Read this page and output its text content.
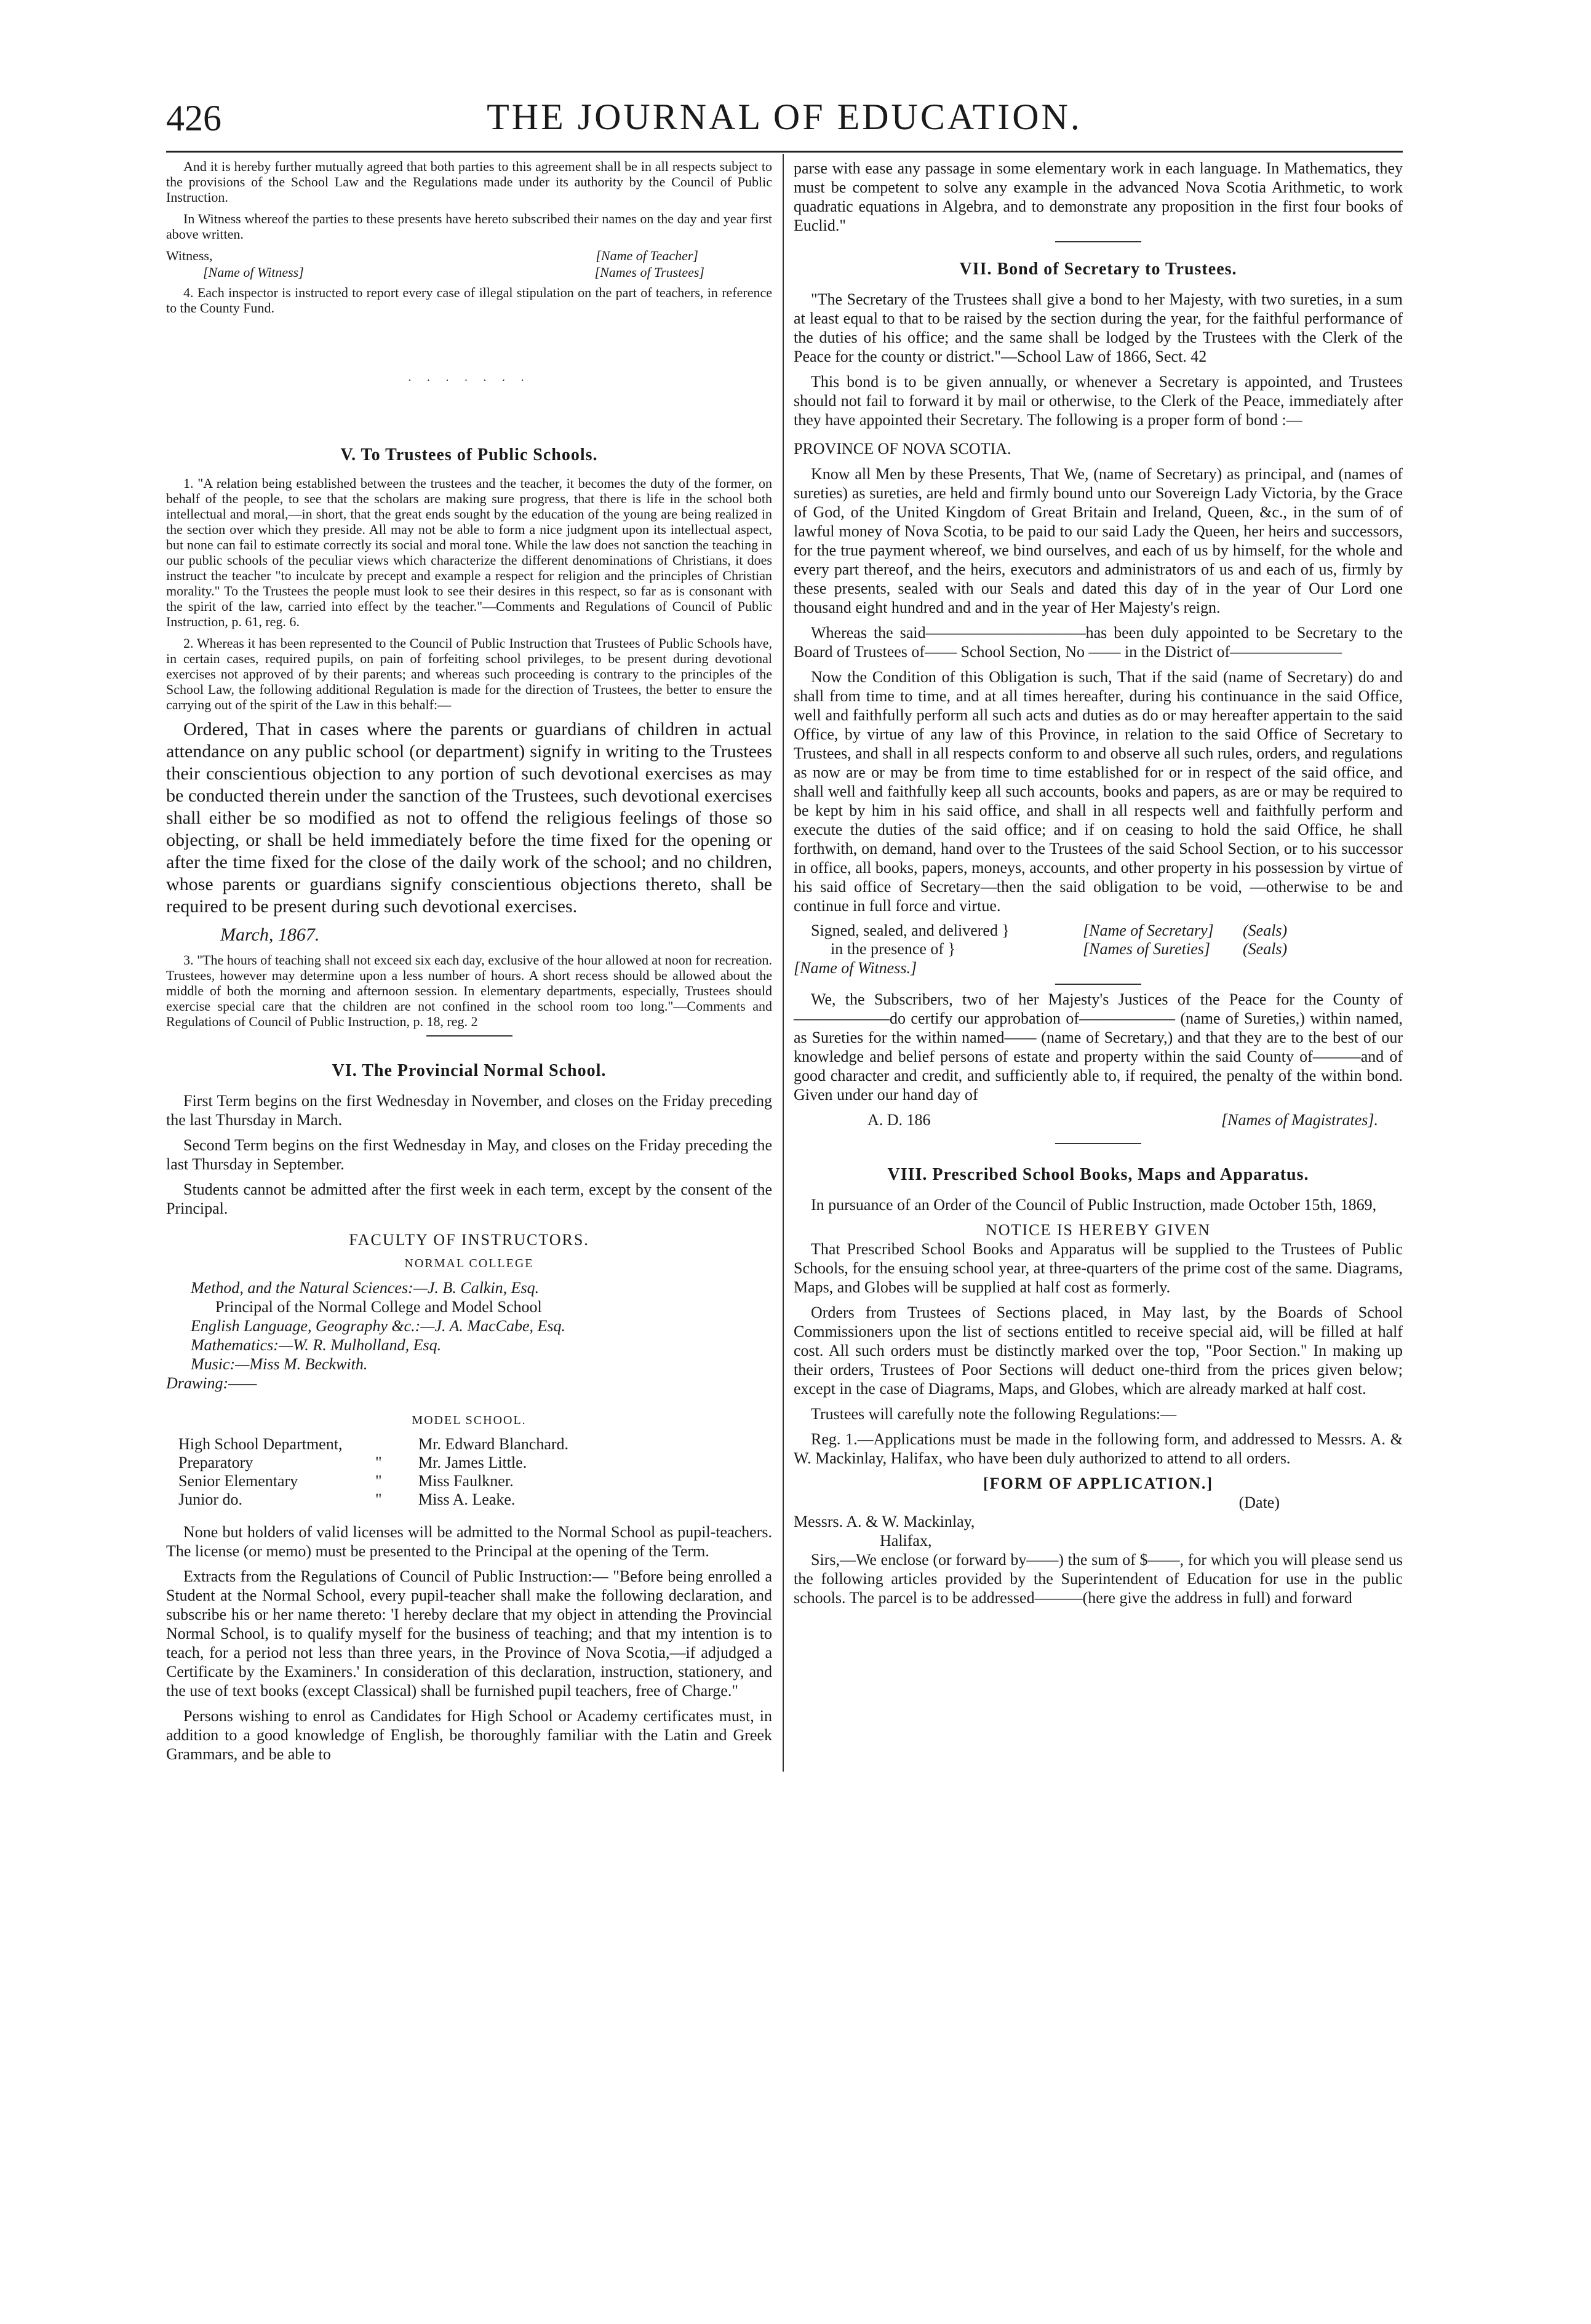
426	THE JOURNAL OF EDUCATION.

And it is hereby further mutually agreed that both parties to this agreement shall be in all respects subject to the provisions of the School Law and the Regulations made under its authority by the Council of Public Instruction.

In Witness whereof the parties to these presents have hereto subscribed their names on the day and year first above written.

Witness,	[Name of Teacher]
[Name of Witness]	[Names of Trustees]

4. Each inspector is instructed to report every case of illegal stipulation on the part of teachers, in reference to the County Fund.

· · · · · · ·
V. To Trustees of Public Schools.

1. "A relation being established between the trustees and the teacher, it becomes the duty of the former, on behalf of the people, to see that the scholars are making sure progress, that there is life in the school both intellectual and moral,—in short, that the great ends sought by the education of the young are being realized in the section over which they preside. All may not be able to form a nice judgment upon its intellectual aspect, but none can fail to estimate correctly its social and moral tone. While the law does not sanction the teaching in our public schools of the peculiar views which characterize the different denominations of Christians, it does instruct the teacher "to inculcate by precept and example a respect for religion and the principles of Christian morality." To the Trustees the people must look to see their desires in this respect, so far as is consonant with the spirit of the law, carried into effect by the teacher."—Comments and Regulations of Council of Public Instruction, p. 61, reg. 6.

2. Whereas it has been represented to the Council of Public Instruction that Trustees of Public Schools have, in certain cases, required pupils, on pain of forfeiting school privileges, to be present during devotional exercises not approved of by their parents; and whereas such proceeding is contrary to the principles of the School Law, the following additional Regulation is made for the direction of Trustees, the better to ensure the carrying out of the spirit of the Law in this behalf:—

Ordered, That in cases where the parents or guardians of children in actual attendance on any public school (or department) signify in writing to the Trustees their conscientious objection to any portion of such devotional exercises as may be conducted therein under the sanction of the Trustees, such devotional exercises shall either be so modified as not to offend the religious feelings of those so objecting, or shall be held immediately before the time fixed for the opening or after the time fixed for the close of the daily work of the school; and no children, whose parents or guardians signify conscientious objections thereto, shall be required to be present during such devotional exercises.

March, 1867.

3. "The hours of teaching shall not exceed six each day, exclusive of the hour allowed at noon for recreation. Trustees, however may determine upon a less number of hours. A short recess should be allowed about the middle of both the morning and afternoon session. In elementary departments, especially, Trustees should exercise special care that the children are not confined in the school room too long."—Comments and Regulations of Council of Public Instruction, p. 18, reg. 2

VI. The Provincial Normal School.

First Term begins on the first Wednesday in November, and closes on the Friday preceding the last Thursday in March.

Second Term begins on the first Wednesday in May, and closes on the Friday preceding the last Thursday in September.

Students cannot be admitted after the first week in each term, except by the consent of the Principal.

FACULTY OF INSTRUCTORS.
NORMAL COLLEGE
Method, and the Natural Sciences:—J. B. Calkin, Esq.
Principal of the Normal College and Model School
English Language, Geography &c.:—J. A. MacCabe, Esq.
Mathematics:—W. R. Mulholland, Esq.
Music:—Miss M. Beckwith.
Drawing:——
MODEL SCHOOL.
High School Department,	Mr. Edward Blanchard.
Preparatory	"	Mr. James Little.
Senior Elementary	"	Miss Faulkner.
Junior do.	"	Miss A. Leake.

None but holders of valid licenses will be admitted to the Normal School as pupil-teachers. The license (or memo) must be presented to the Principal at the opening of the Term.

Extracts from the Regulations of Council of Public Instruction:— "Before being enrolled a Student at the Normal School, every pupil-teacher shall make the following declaration, and subscribe his or her name thereto: 'I hereby declare that my object in attending the Provincial Normal School, is to qualify myself for the business of teaching; and that my intention is to teach, for a period not less than three years, in the Province of Nova Scotia,—if adjudged a Certificate by the Examiners.' In consideration of this declaration, instruction, stationery, and the use of text books (except Classical) shall be furnished pupil teachers, free of Charge."

Persons wishing to enrol as Candidates for High School or Academy certificates must, in addition to a good knowledge of English, be thoroughly familiar with the Latin and Greek Grammars, and be able to

parse with ease any passage in some elementary work in each language. In Mathematics, they must be competent to solve any example in the advanced Nova Scotia Arithmetic, to work quadratic equations in Algebra, and to demonstrate any proposition in the first four books of Euclid."

VII. Bond of Secretary to Trustees.

"The Secretary of the Trustees shall give a bond to her Majesty, with two sureties, in a sum at least equal to that to be raised by the section during the year, for the faithful performance of the duties of his office; and the same shall be lodged by the Trustees with the Clerk of the Peace for the county or district."—School Law of 1866, Sect. 42

This bond is to be given annually, or whenever a Secretary is appointed, and Trustees should not fail to forward it by mail or otherwise, to the Clerk of the Peace, immediately after they have appointed their Secretary. The following is a proper form of bond :—

PROVINCE OF NOVA SCOTIA.

Know all Men by these Presents, That We, (name of Secretary) as principal, and (names of sureties) as sureties, are held and firmly bound unto our Sovereign Lady Victoria, by the Grace of God, of the United Kingdom of Great Britain and Ireland, Queen, &c., in the sum of of lawful money of Nova Scotia, to be paid to our said Lady the Queen, her heirs and successors, for the true payment whereof, we bind ourselves, and each of us by himself, for the whole and every part thereof, and the heirs, executors and administrators of us and each of us, firmly by these presents, sealed with our Seals and dated this day of in the year of Our Lord one thousand eight hundred and and in the year of Her Majesty's reign.

Whereas the said——————————has been duly appointed to be Secretary to the Board of Trustees of—— School Section, No —— in the District of———————

Now the Condition of this Obligation is such, That if the said (name of Secretary) do and shall from time to time, and at all times hereafter, during his continuance in the said Office, well and faithfully perform all such acts and duties as do or may hereafter appertain to the said Office, by virtue of any law of this Province, in relation to the said Office of Secretary to Trustees, and shall in all respects conform to and observe all such rules, orders, and regulations as now are or may be from time to time established for or in respect of the said office, and shall well and faithfully keep all such accounts, books and papers, as are or may be required to be kept by him in his said office, and shall in all respects well and faithfully perform and execute the duties of the said office; and if on ceasing to hold the said Office, he shall forthwith, on demand, hand over to the Trustees of the said School Section, or to his successor in office, all books, papers, moneys, accounts, and other property in his possession by virtue of his said office of Secretary—then the said obligation to be void, —otherwise to be and continue in full force and virtue.

Signed, sealed, and delivered }	[Name of Secretary]	(Seals)
in the presence of }	[Names of Sureties]	(Seals)

[Name of Witness.]

We, the Subscribers, two of her Majesty's Justices of the Peace for the County of——————do certify our approbation of—————— (name of Sureties,) within named, as Sureties for the within named—— (name of Secretary,) and that they are to the best of our knowledge and belief persons of estate and property within the said County of———and of good character and credit, and sufficiently able to, if required, the penalty of the within bond. Given under our hand day of

A. D. 186	[Names of Magistrates].
VIII. Prescribed School Books, Maps and Apparatus.

In pursuance of an Order of the Council of Public Instruction, made October 15th, 1869,

NOTICE IS HEREBY GIVEN

That Prescribed School Books and Apparatus will be supplied to the Trustees of Public Schools, for the ensuing school year, at three-quarters of the prime cost of the same. Diagrams, Maps, and Globes will be supplied at half cost as formerly.

Orders from Trustees of Sections placed, in May last, by the Boards of School Commissioners upon the list of sections entitled to receive special aid, will be filled at half cost. All such orders must be distinctly marked over the top, "Poor Section." In making up their orders, Trustees of Poor Sections will deduct one-third from the prices given below; except in the case of Diagrams, Maps, and Globes, which are already marked at half cost.

Trustees will carefully note the following Regulations:—

Reg. 1.—Applications must be made in the following form, and addressed to Messrs. A. & W. Mackinlay, Halifax, who have been duly authorized to attend to all orders.

[FORM OF APPLICATION.]
(Date)
Messrs. A. & W. Mackinlay,
Halifax,

Sirs,—We enclose (or forward by——) the sum of $——, for which you will please send us the following articles provided by the Superintendent of Education for use in the public schools. The parcel is to be addressed———(here give the address in full) and forward
